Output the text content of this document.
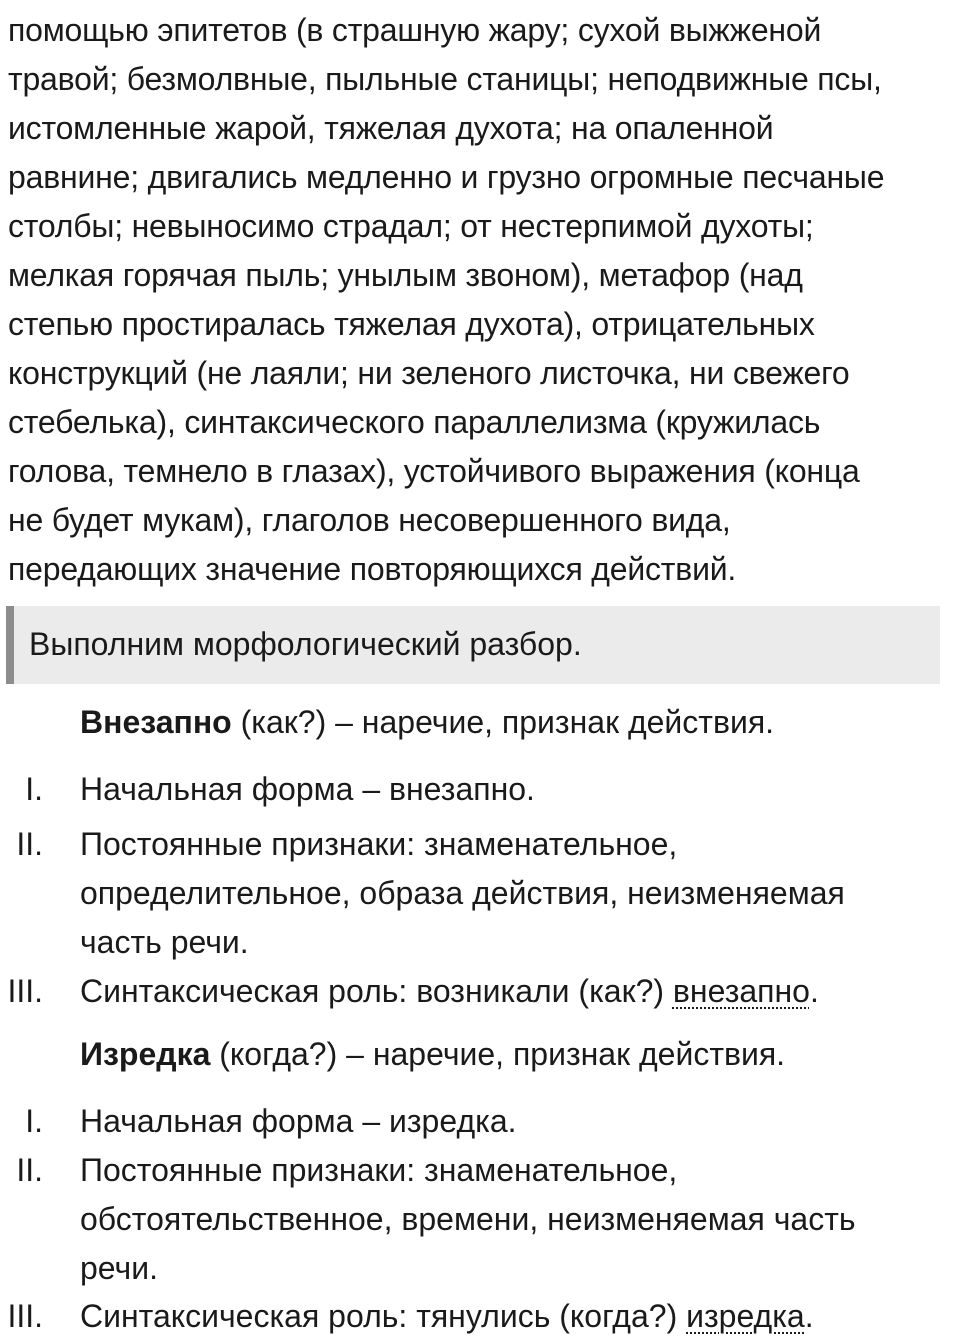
помощью эпитетов (в страшную жару; сухой выжженой
травой; безмолвные, пыльные станицы; неподвижные псы,
истомленные жарой, тяжелая духота; на опаленной
равнине; двигались медленно и грузно огромные песчаные
столбы; невыносимо страдал; от нестерпимой духоты;
мелкая горячая пыль; унылым звоном), метафор (над
степью простиралась тяжелая духота), отрицательных
конструкций (не лаяли; ни зеленого листочка, ни свежего
стебелька), синтаксического параллелизма (кружилась
голова, темнело в глазах), устойчивого выражения (конца
не будет мукам), глаголов несовершенного вида,
передающих значение повторяющихся действий.
Выполним морфологический разбор.
Внезапно (как?) – наречие, признак действия.
I. Начальная форма – внезапно.
II. Постоянные признаки: знаменательное,
определительное, образа действия, неизменяемая
часть речи.
III. Синтаксическая роль: возникали (как?) внезапно.
Изредка (когда?) – наречие, признак действия.
I. Начальная форма – изредка.
II. Постоянные признаки: знаменательное,
обстоятельственное, времени, неизменяемая часть
речи.
III. Синтаксическая роль: тянулись (когда?) изредка.
